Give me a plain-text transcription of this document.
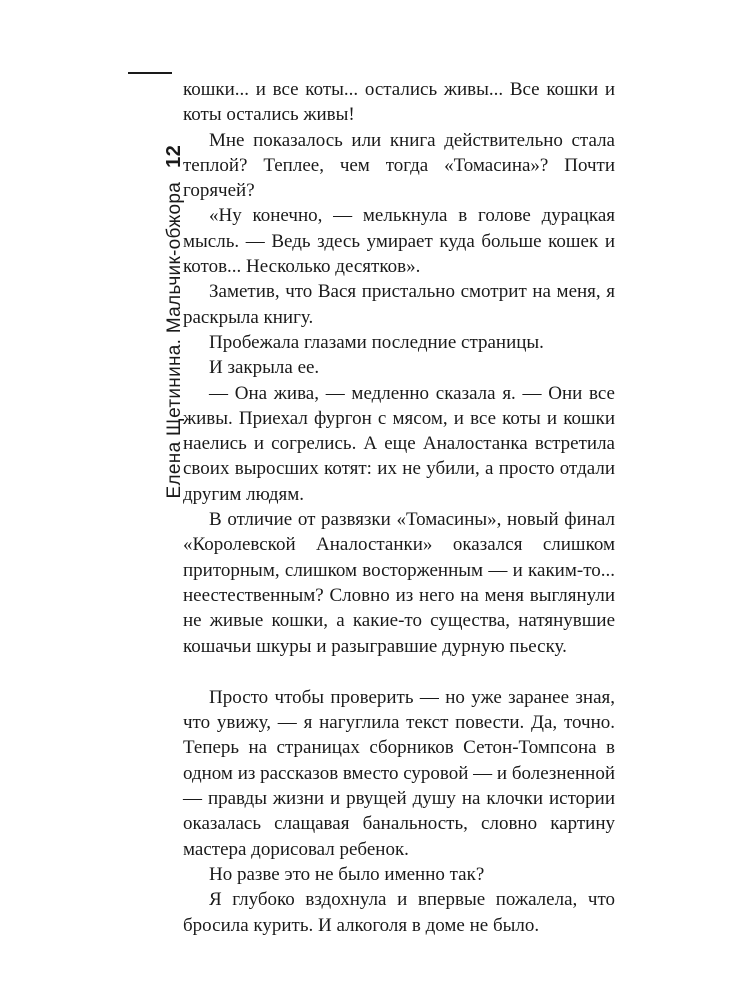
12
Елена Щетинина. Мальчик-обжора

кошки... и все коты... остались живы... Все кошки и коты остались живы!

Мне показалось или книга действительно стала теплой? Теплее, чем тогда «Томасина»? Почти горячей?

«Ну конечно, — мелькнула в голове дурацкая мысль. — Ведь здесь умирает куда больше кошек и котов... Несколько десятков».

Заметив, что Вася пристально смотрит на меня, я раскрыла книгу.

Пробежала глазами последние страницы.

И закрыла ее.

— Она жива, — медленно сказала я. — Они все живы. Приехал фургон с мясом, и все коты и кошки наелись и согрелись. А еще Аналостанка встретила своих выросших котят: их не убили, а просто отдали другим людям.

В отличие от развязки «Томасины», новый финал «Королевской Аналостанки» оказался слишком приторным, слишком восторженным — и каким-то... неестественным? Словно из него на меня выглянули не живые кошки, а какие-то существа, натянувшие кошачьи шкуры и разыгравшие дурную пьеску.

Просто чтобы проверить — но уже заранее зная, что увижу, — я нагуглила текст повести. Да, точно. Теперь на страницах сборников Сетон-Томпсона в одном из рассказов вместо суровой — и болезненной — правды жизни и рвущей душу на клочки истории оказалась слащавая банальность, словно картину мастера дорисовал ребенок.

Но разве это не было именно так?

Я глубоко вздохнула и впервые пожалела, что бросила курить. И алкоголя в доме не было.
